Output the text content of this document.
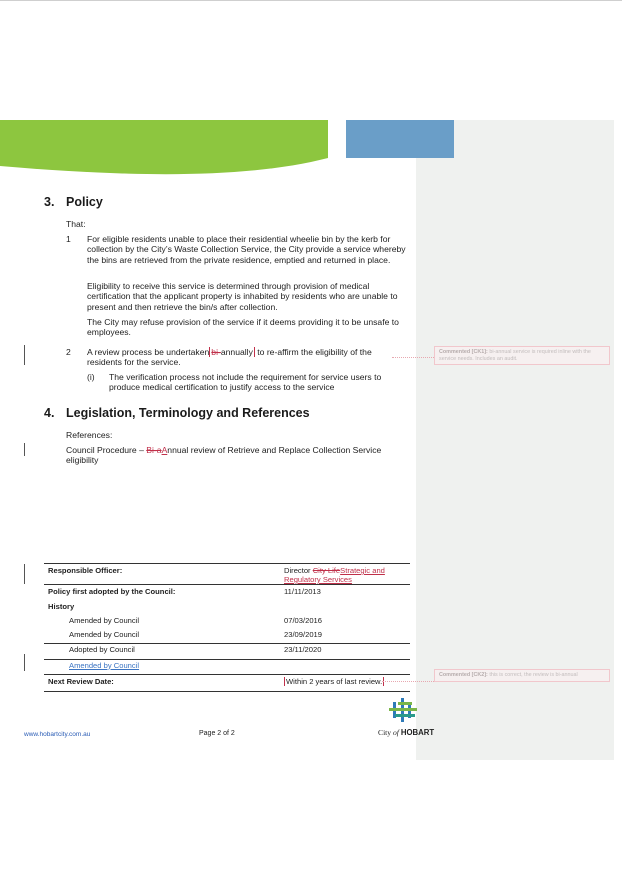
3. Policy
That:
1 For eligible residents unable to place their residential wheelie bin by the kerb for collection by the City’s Waste Collection Service, the City provide a service whereby the bins are retrieved from the private residence, emptied and returned in place.
Eligibility to receive this service is determined through provision of medical certification that the applicant property is inhabited by residents who are unable to present and then retrieve the bin/s after collection.
The City may refuse provision of the service if it deems providing it to be unsafe to employees.
2 A review process be undertaken bi-annually to re-affirm the eligibility of the
residents for the service.
(i) The verification process not include the requirement for service users to produce medical certification to justify access to the service
Commented [CK1]: bi-annual service is required inline with the service needs. Includes an audit.
4. Legislation, Terminology and References
References:
Council Procedure – Bi-aAnnual review of Retrieve and Replace Collection Service
eligibility
Responsible Officer:	Director City LifeStrategic and Regulatory Services
Policy first adopted by the Council:	11/11/2013
History	
Amended by Council	07/03/2016
Amended by Council	23/09/2019
Adopted by Council	23/11/2020
Amended by Council	
Next Review Date:	Within 2 years of last review.
Commented [CK2]: this is correct, the review is bi-annual
www.hobartcity.com.au	Page 2 of 2	City of HOBART
